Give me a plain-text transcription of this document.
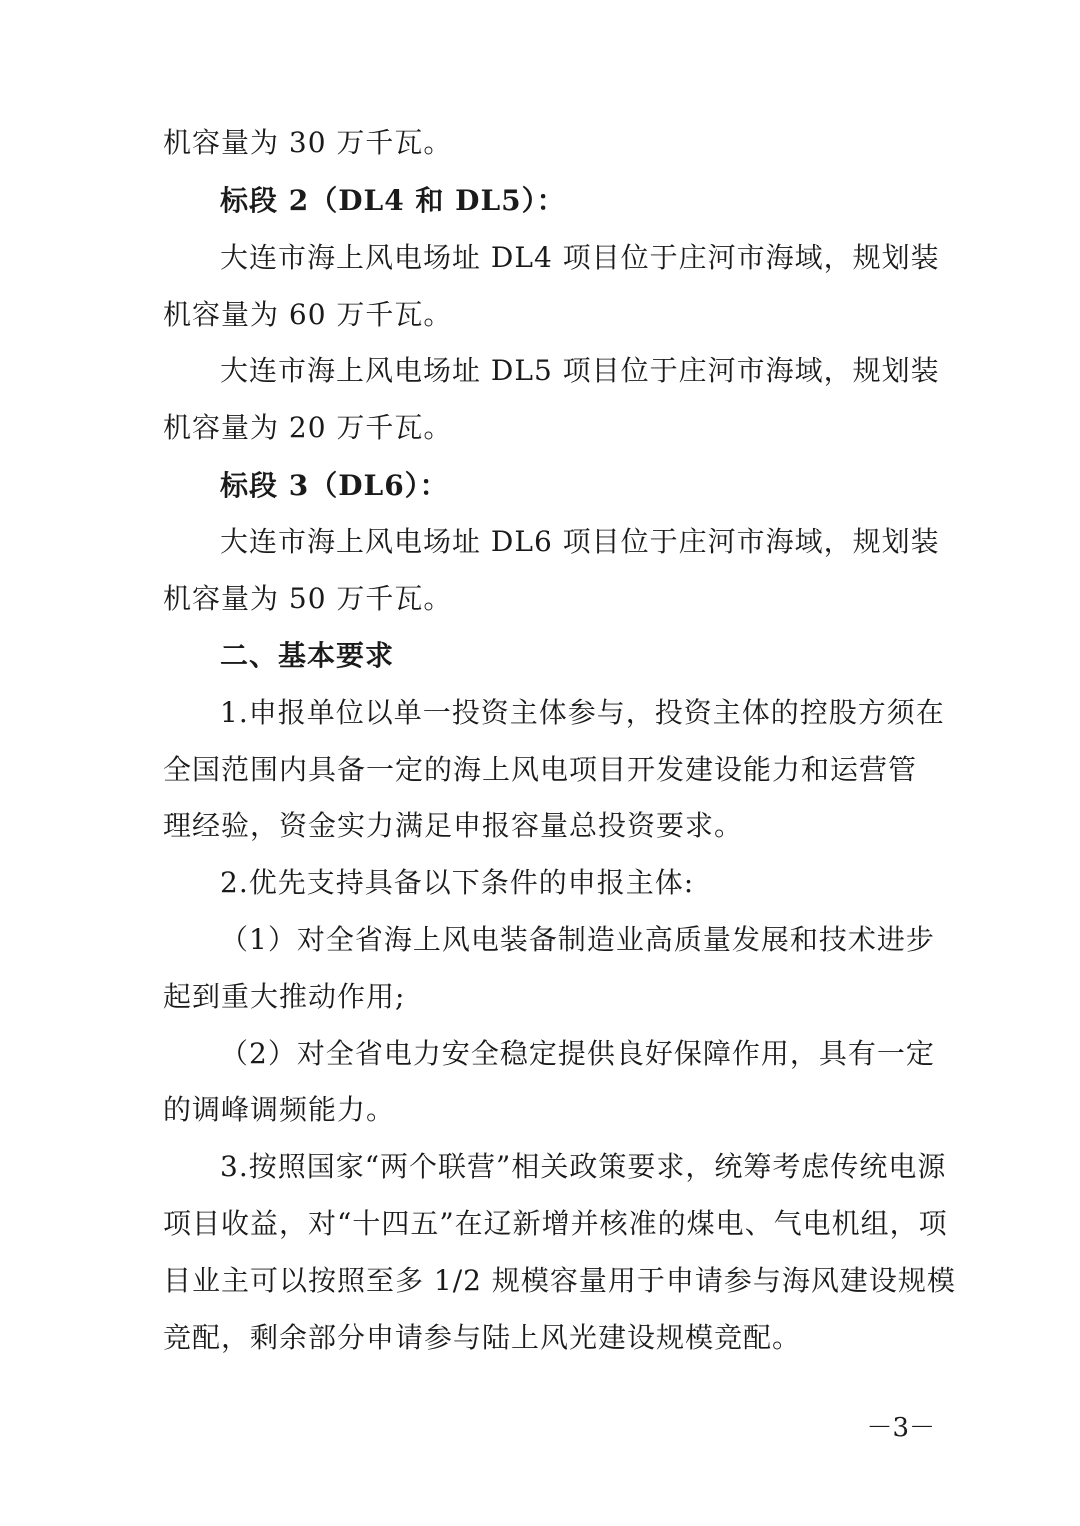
机容量为 30 万千瓦。
标段 2（DL4 和 DL5）：
大连市海上风电场址 DL4 项目位于庄河市海域，规划装
机容量为 60 万千瓦。
大连市海上风电场址 DL5 项目位于庄河市海域，规划装
机容量为 20 万千瓦。
标段 3（DL6）：
大连市海上风电场址 DL6 项目位于庄河市海域，规划装
机容量为 50 万千瓦。
二、基本要求
1.申报单位以单一投资主体参与，投资主体的控股方须在
全国范围内具备一定的海上风电项目开发建设能力和运营管
理经验，资金实力满足申报容量总投资要求。
2.优先支持具备以下条件的申报主体:
（1）对全省海上风电装备制造业高质量发展和技术进步
起到重大推动作用;
（2）对全省电力安全稳定提供良好保障作用，具有一定
的调峰调频能力。
3.按照国家“两个联营”相关政策要求，统筹考虑传统电源
项目收益，对“十四五”在辽新增并核准的煤电、气电机组，项
目业主可以按照至多 1/2 规模容量用于申请参与海风建设规模
竞配，剩余部分申请参与陆上风光建设规模竞配。
－3－
